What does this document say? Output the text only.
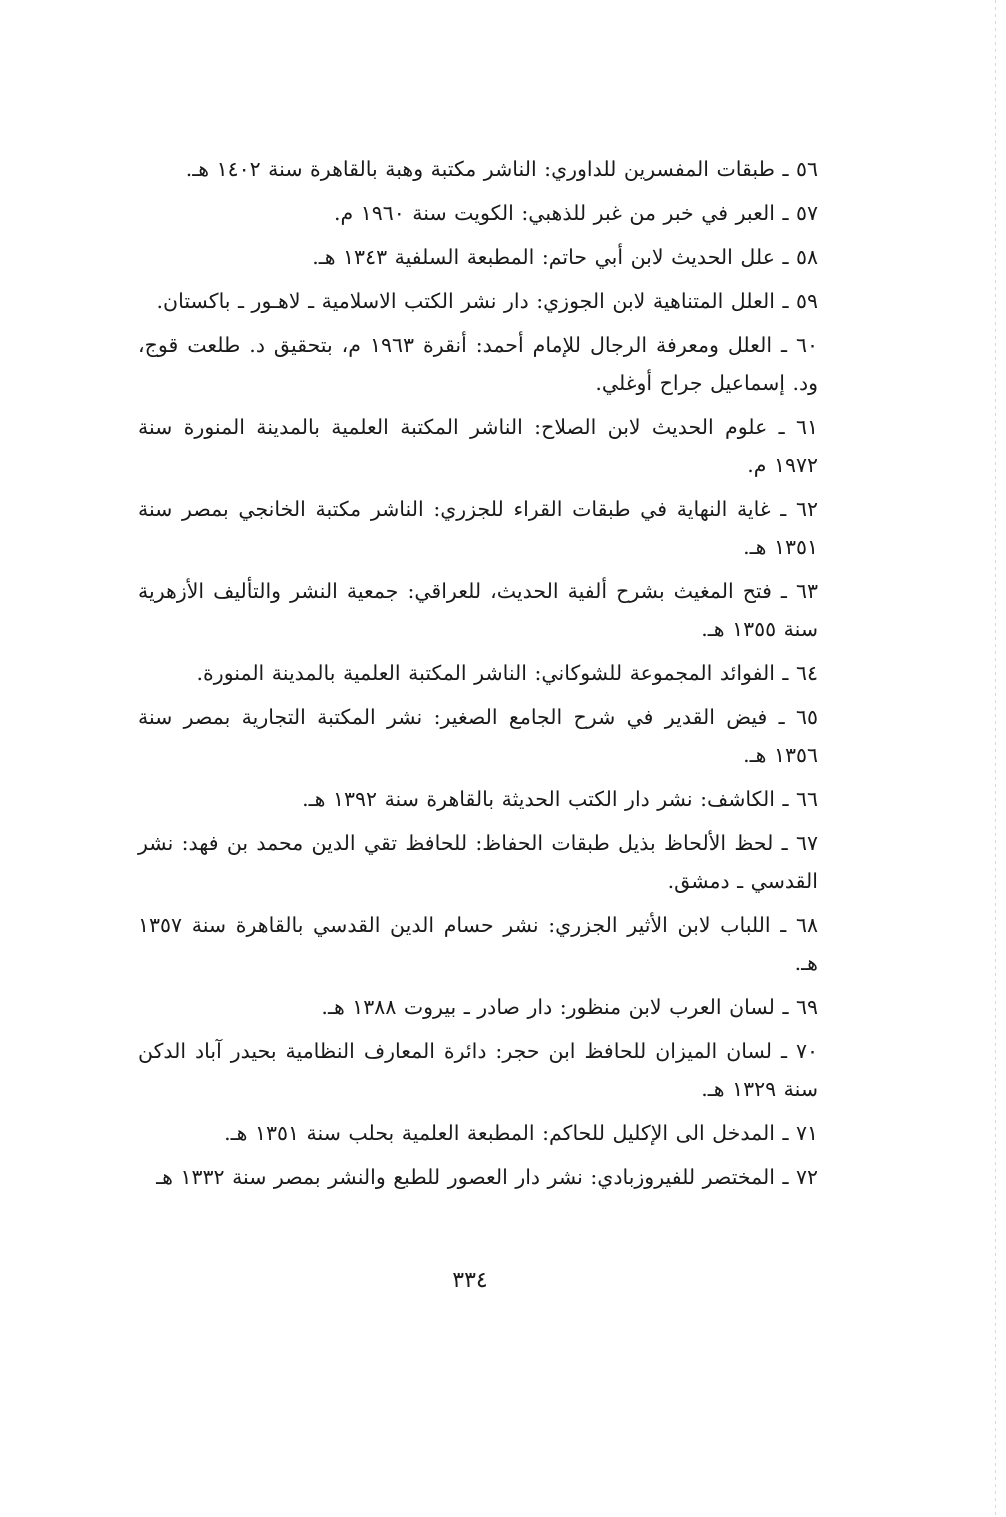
٥٦ ـ طبقات المفسرين للداوري: الناشر مكتبة وهبة بالقاهرة سنة ١٤٠٢ هـ.

٥٧ ـ العبر في خبر من غبر للذهبي: الكويت سنة ١٩٦٠ م.

٥٨ ـ علل الحديث لابن أبي حاتم: المطبعة السلفية ١٣٤٣ هـ.

٥٩ ـ العلل المتناهية لابن الجوزي: دار نشر الكتب الاسلامية ـ لاهـور ـ باكستان.

٦٠ ـ العلل ومعرفة الرجال للإمام أحمد: أنقرة ١٩٦٣ م، بتحقيق د. طلعت قوج، ود. إسماعيل جراح أوغلي.

٦١ ـ علوم الحديث لابن الصلاح: الناشر المكتبة العلمية بالمدينة المنورة سنة ١٩٧٢ م.

٦٢ ـ غاية النهاية في طبقات القراء للجزري: الناشر مكتبة الخانجي بمصر سنة ١٣٥١ هـ.

٦٣ ـ فتح المغيث بشرح ألفية الحديث، للعراقي: جمعية النشر والتأليف الأزهرية سنة ١٣٥٥ هـ.

٦٤ ـ الفوائد المجموعة للشوكاني: الناشر المكتبة العلمية بالمدينة المنورة.

٦٥ ـ فيض القدير في شرح الجامع الصغير: نشر المكتبة التجارية بمصر سنة ١٣٥٦ هـ.

٦٦ ـ الكاشف: نشر دار الكتب الحديثة بالقاهرة سنة ١٣٩٢ هـ.

٦٧ ـ لحظ الألحاظ بذيل طبقات الحفاظ: للحافظ تقي الدين محمد بن فهد: نشر القدسي ـ دمشق.

٦٨ ـ اللباب لابن الأثير الجزري: نشر حسام الدين القدسي بالقاهرة سنة ١٣٥٧ هـ.

٦٩ ـ لسان العرب لابن منظور: دار صادر ـ بيروت ١٣٨٨ هـ.

٧٠ ـ لسان الميزان للحافظ ابن حجر: دائرة المعارف النظامية بحيدر آباد الدكن سنة ١٣٢٩ هـ.

٧١ ـ المدخل الى الإكليل للحاكم: المطبعة العلمية بحلب سنة ١٣٥١ هـ.

٧٢ ـ المختصر للفيروزبادي: نشر دار العصور للطبع والنشر بمصر سنة ١٣٣٢ هـ

٣٣٤
